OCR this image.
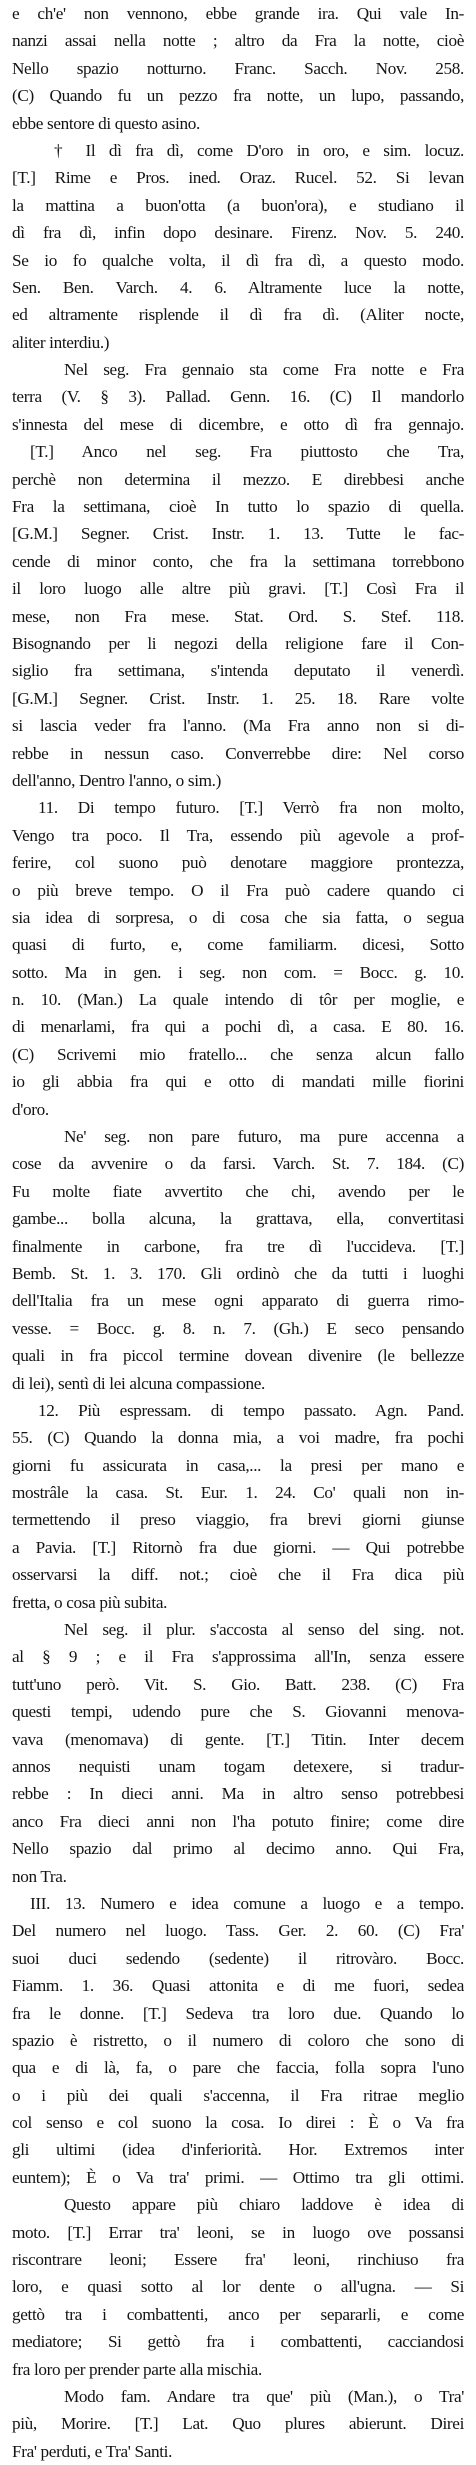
e ch'e' non vennono, ebbe grande ira. Qui vale In-
nanzi assai nella notte ; altro da Fra la notte, cioè
Nello spazio notturno. Franc. Sacch. Nov. 258.
(C) Quando fu un pezzo fra notte, un lupo, passando,
ebbe sentore di questo asino.
† Il dì fra dì, come D'oro in oro, e sim. locuz.
[T.] Rime e Pros. ined. Oraz. Rucel. 52. Si levan
la mattina a buon'otta (a buon'ora), e studiano il
dì fra dì, infin dopo desinare. Firenz. Nov. 5. 240.
Se io fo qualche volta, il dì fra dì, a questo modo.
Sen. Ben. Varch. 4. 6. Altramente luce la notte,
ed altramente risplende il dì fra dì. (Aliter nocte,
aliter interdiu.)
Nel seg. Fra gennaio sta come Fra notte e Fra
terra (V. § 3). Pallad. Genn. 16. (C) Il mandorlo
s'innesta del mese di dicembre, e otto dì fra gennajo.
[T.] Anco nel seg. Fra piuttosto che Tra,
perchè non determina il mezzo. E direbbesi anche
Fra la settimana, cioè In tutto lo spazio di quella.
[G.M.] Segner. Crist. Instr. 1. 13. Tutte le fac-
cende di minor conto, che fra la settimana torrebbono
il loro luogo alle altre più gravi. [T.] Così Fra il
mese, non Fra mese. Stat. Ord. S. Stef. 118.
Bisognando per li negozi della religione fare il Con-
siglio fra settimana, s'intenda deputato il venerdì.
[G.M.] Segner. Crist. Instr. 1. 25. 18. Rare volte
si lascia veder fra l'anno. (Ma Fra anno non si di-
rebbe in nessun caso. Converrebbe dire: Nel corso
dell'anno, Dentro l'anno, o sim.)
11. Di tempo futuro. [T.] Verrò fra non molto,
Vengo tra poco. Il Tra, essendo più agevole a prof-
ferire, col suono può denotare maggiore prontezza,
o più breve tempo. O il Fra può cadere quando ci
sia idea di sorpresa, o di cosa che sia fatta, o segua
quasi di furto, e, come familiarm. dicesi, Sotto
sotto. Ma in gen. i seg. non com. = Bocc. g. 10.
n. 10. (Man.) La quale intendo di tôr per moglie, e
di menarlami, fra qui a pochi dì, a casa. E 80. 16.
(C) Scrivemi mio fratello... che senza alcun fallo
io gli abbia fra qui e otto di mandati mille fiorini
d'oro.
Ne' seg. non pare futuro, ma pure accenna a
cose da avvenire o da farsi. Varch. St. 7. 184. (C)
Fu molte fiate avvertito che chi, avendo per le
gambe... bolla alcuna, la grattava, ella, convertitasi
finalmente in carbone, fra tre dì l'uccideva. [T.]
Bemb. St. 1. 3. 170. Gli ordinò che da tutti i luoghi
dell'Italia fra un mese ogni apparato di guerra rimo-
vesse. = Bocc. g. 8. n. 7. (Gh.) E seco pensando
quali in fra piccol termine dovean divenire (le bellezze
di lei), sentì di lei alcuna compassione.
12. Più espressam. di tempo passato. Agn. Pand.
55. (C) Quando la donna mia, a voi madre, fra pochi
giorni fu assicurata in casa,... la presi per mano e
mostrâle la casa. St. Eur. 1. 24. Co' quali non in-
termettendo il preso viaggio, fra brevi giorni giunse
a Pavia. [T.] Ritornò fra due giorni. — Qui potrebbe
osservarsi la diff. not.; cioè che il Fra dica più
fretta, o cosa più subita.
Nel seg. il plur. s'accosta al senso del sing. not.
al § 9 ; e il Fra s'approssima all'In, senza essere
tutt'uno però. Vit. S. Gio. Batt. 238. (C) Fra
questi tempi, udendo pure che S. Giovanni menova-
vava (menomava) di gente. [T.] Titin. Inter decem
annos nequisti unam togam detexere, si tradur-
rebbe : In dieci anni. Ma in altro senso potrebbesi
anco Fra dieci anni non l'ha potuto finire; come dire
Nello spazio dal primo al decimo anno. Qui Fra,
non Tra.
III. 13. Numero e idea comune a luogo e a tempo.
Del numero nel luogo. Tass. Ger. 2. 60. (C) Fra'
suoi duci sedendo (sedente) il ritrovàro. Bocc.
Fiamm. 1. 36. Quasi attonita e di me fuori, sedea
fra le donne. [T.] Sedeva tra loro due. Quando lo
spazio è ristretto, o il numero di coloro che sono di
qua e di là, fa, o pare che faccia, folla sopra l'uno
o i più dei quali s'accenna, il Fra ritrae meglio
col senso e col suono la cosa. Io direi : È o Va fra
gli ultimi (idea d'inferiorità. Hor. Extremos inter
euntem); È o Va tra' primi. — Ottimo tra gli ottimi.
Questo appare più chiaro laddove è idea di
moto. [T.] Errar tra' leoni, se in luogo ove possansi
riscontrare leoni; Essere fra' leoni, rinchiuso fra
loro, e quasi sotto al lor dente o all'ugna. — Si
gettò tra i combattenti, anco per separarli, e come
mediatore; Si gettò fra i combattenti, cacciandosi
fra loro per prender parte alla mischia.
Modo fam. Andare tra que' più (Man.), o Tra'
più, Morire. [T.] Lat. Quo plures abierunt. Direi
Fra' perduti, e Tra' Santi.
